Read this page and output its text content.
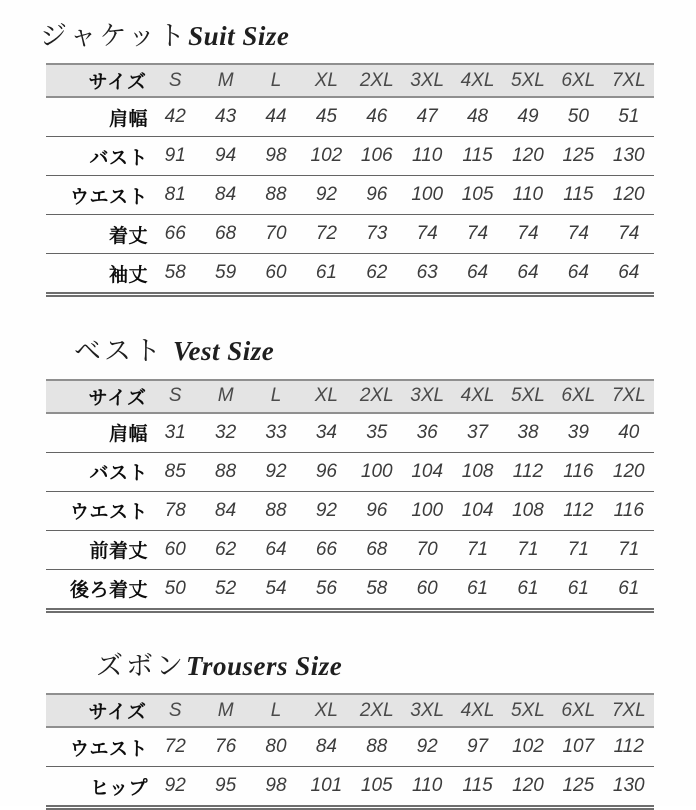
ジャケットSuit Size
サイズ	S	M	L	XL	2XL	3XL	4XL	5XL	6XL	7XL
肩幅	42	43	44	45	46	47	48	49	50	51
バスト	91	94	98	102	106	110	115	120	125	130
ウエスト	81	84	88	92	96	100	105	110	115	120
着丈	66	68	70	72	73	74	74	74	74	74
袖丈	58	59	60	61	62	63	64	64	64	64
ベスト Vest Size
サイズ	S	M	L	XL	2XL	3XL	4XL	5XL	6XL	7XL
肩幅	31	32	33	34	35	36	37	38	39	40
バスト	85	88	92	96	100	104	108	112	116	120
ウエスト	78	84	88	92	96	100	104	108	112	116
前着丈	60	62	64	66	68	70	71	71	71	71
後ろ着丈	50	52	54	56	58	60	61	61	61	61
ズボンTrousers Size
サイズ	S	M	L	XL	2XL	3XL	4XL	5XL	6XL	7XL
ウエスト	72	76	80	84	88	92	97	102	107	112
ヒップ	92	95	98	101	105	110	115	120	125	130
